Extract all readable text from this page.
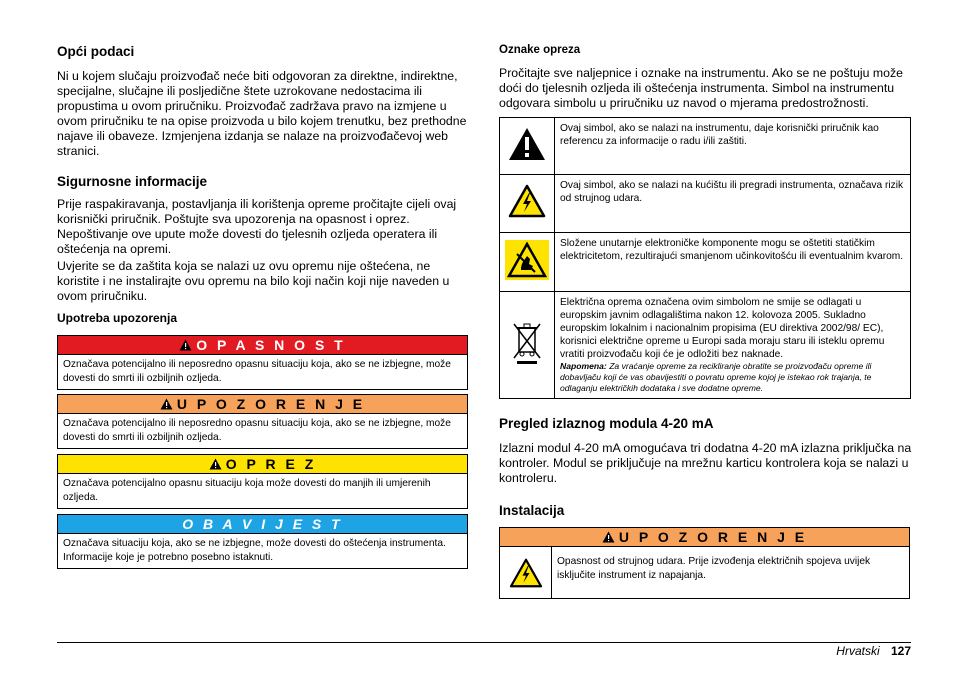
Opći podaci

Ni u kojem slučaju proizvođač neće biti odgovoran za direktne, indirektne, specijalne, slučajne ili posljedične štete uzrokovane nedostacima ili propustima u ovom priručniku. Proizvođač zadržava pravo na izmjene u ovom priručniku te na opise proizvoda u bilo kojem trenutku, bez prethodne najave ili obaveze. Izmjenjena izdanja se nalaze na proizvođačevoj web stranici.

Sigurnosne informacije

Prije raspakiravanja, postavljanja ili korištenja opreme pročitajte cijeli ovaj korisnički priručnik. Poštujte sva upozorenja na opasnost i oprez. Nepoštivanje ove upute može dovesti do tjelesnih ozljeda operatera ili oštećenja na opremi.

Uvjerite se da zaštita koja se nalazi uz ovu opremu nije oštećena, ne koristite i ne instalirajte ovu opremu na bilo koji način koji nije naveden u ovom priručniku.

Upotreba upozorenja
O P A S N O S T
Označava potencijalno ili neposredno opasnu situaciju koja, ako se ne izbjegne, može dovesti do smrti ili ozbiljnih ozljeda.
U P O Z O R E N J E
Označava potencijalno ili neposredno opasnu situaciju koja, ako se ne izbjegne, može dovesti do smrti ili ozbiljnih ozljeda.
O P R E Z
Označava potencijalno opasnu situaciju koja može dovesti do manjih ili umjerenih ozljeda.
O B A V I J E S T
Označava situaciju koja, ako se ne izbjegne, može dovesti do oštećenja instrumenta. Informacije koje je potrebno posebno istaknuti.
Oznake opreza

Pročitajte sve naljepnice i oznake na instrumentu. Ako se ne poštuju može doći do tjelesnih ozljeda ili oštećenja instrumenta. Simbol na instrumentu odgovara simbolu u priručniku uz navod o mjerama predostrožnosti.

	Ovaj simbol, ako se nalazi na instrumentu, daje korisnički priručnik kao referencu za informacije o radu i/ili zaštiti.
	Ovaj simbol, ako se nalazi na kućištu ili pregradi instrumenta, označava rizik od strujnog udara.
	Složene unutarnje elektroničke komponente mogu se oštetiti statičkim elektricitetom, rezultirajući smanjenom učinkovitošću ili eventualnim kvarom.

Električna oprema označena ovim simbolom ne smije se odlagati u europskim javnim odlagalištima nakon 12. kolovoza 2005. Sukladno europskim lokalnim i nacionalnim propisima (EU direktiva 2002/98/ EC), korisnici električne opreme u Europi sada moraju staru ili isteklu opremu vratiti proizvođaču koji će je odložiti bez naknade.
Napomena: Za vraćanje opreme za recikliranje obratite se proizvođaču opreme ili dobavljaču koji će vas obavijestiti o povratu opreme kojoj je istekao rok trajanja, te odlaganju električkih dodataka i sve dodatne opreme.
Pregled izlaznog modula 4-20 mA

Izlazni modul 4-20 mA omogućava tri dodatna 4-20 mA izlazna priključka na kontroler. Modul se priključuje na mrežnu karticu kontrolera koja se nalazi u kontroleru.

Instalacija
U P O Z O R E N J E
Opasnost od strujnog udara. Prije izvođenja električnih spojeva uvijek isključite instrument iz napajanja.
Hrvatski 127
